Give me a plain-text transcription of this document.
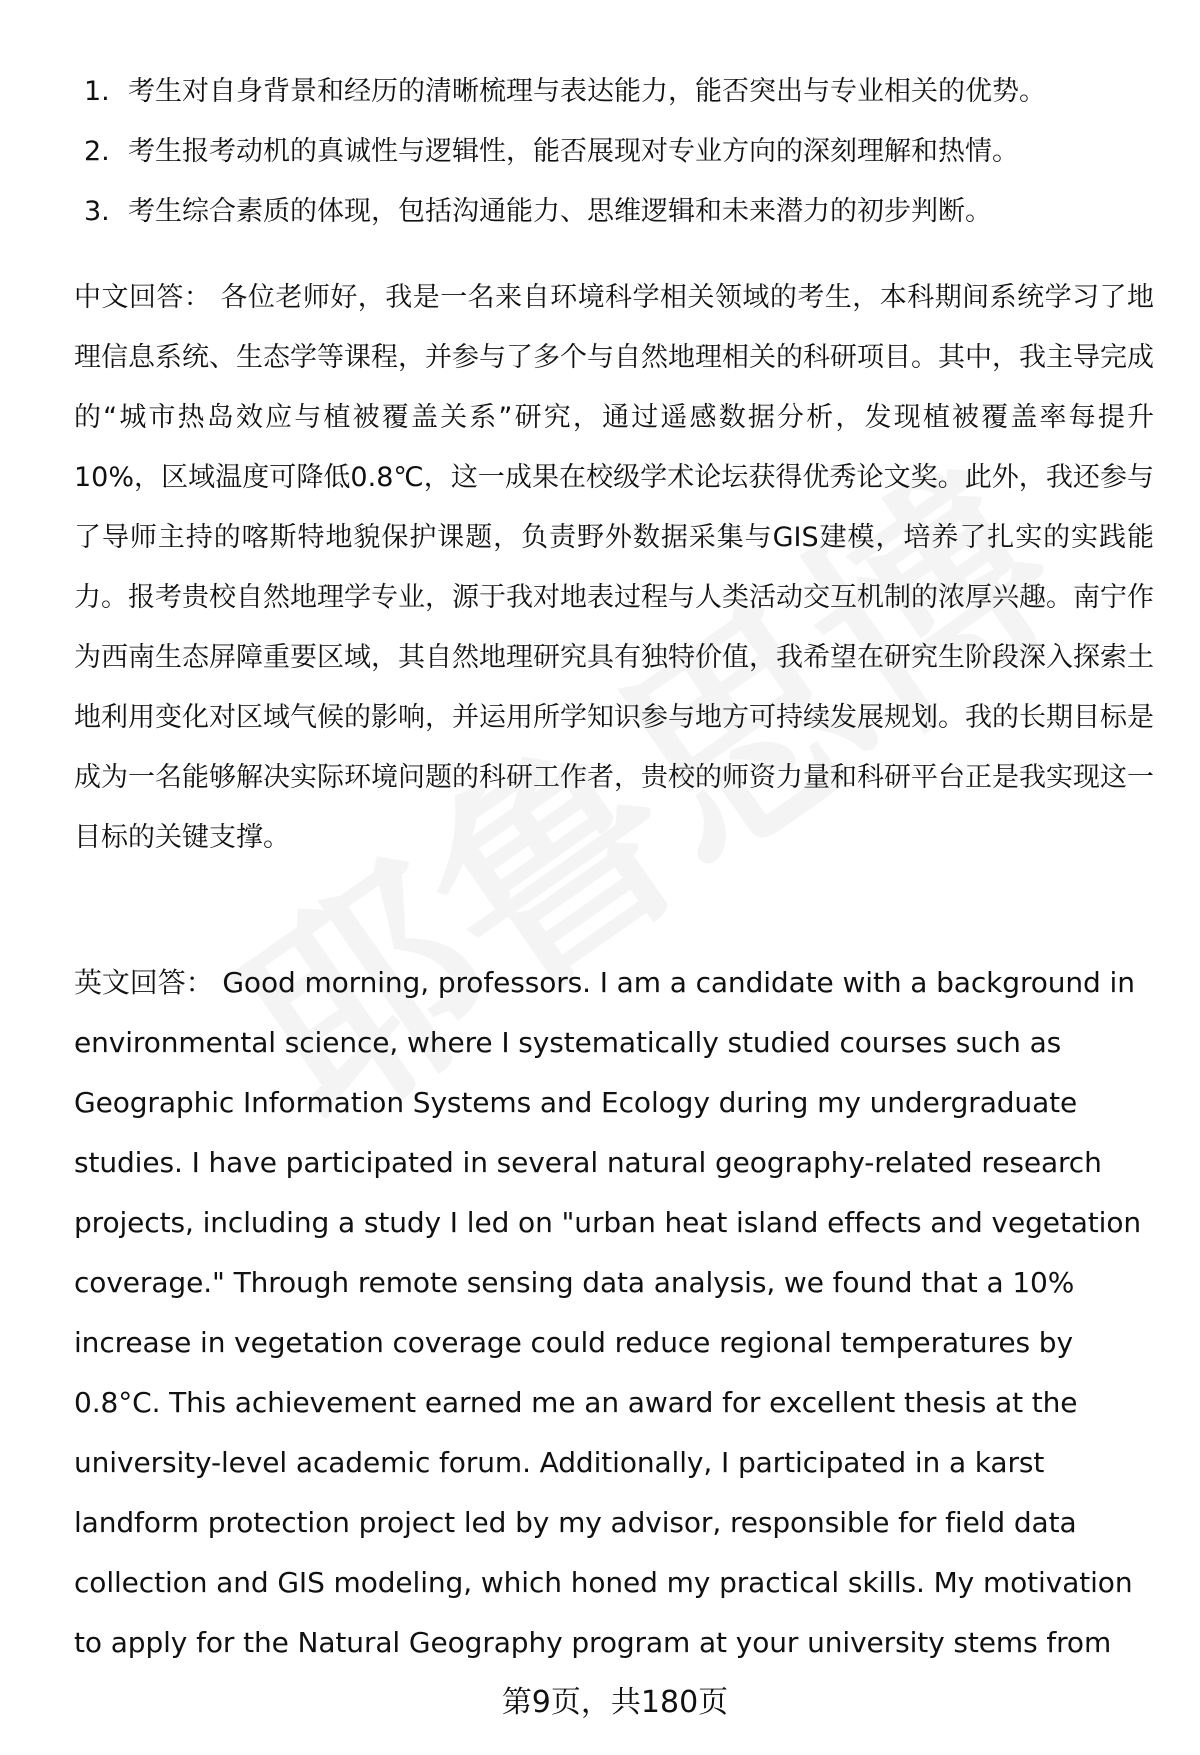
1. 考生对自身背景和经历的清晰梳理与表达能力，能否突出与专业相关的优势。
2. 考生报考动机的真诚性与逻辑性，能否展现对专业方向的深刻理解和热情。
3. 考生综合素质的体现，包括沟通能力、思维逻辑和未来潜力的初步判断。

中文回答： 各位老师好，我是一名来自环境科学相关领域的考生，本科期间系统学习了地理信息系统、生态学等课程，并参与了多个与自然地理相关的科研项目。其中，我主导完成的“城市热岛效应与植被覆盖关系”研究，通过遥感数据分析，发现植被覆盖率每提升10%，区域温度可降低0.8℃，这一成果在校级学术论坛获得优秀论文奖。此外，我还参与了导师主持的喀斯特地貌保护课题，负责野外数据采集与GIS建模，培养了扎实的实践能力。报考贵校自然地理学专业，源于我对地表过程与人类活动交互机制的浓厚兴趣。南宁作为西南生态屏障重要区域，其自然地理研究具有独特价值，我希望在研究生阶段深入探索土地利用变化对区域气候的影响，并运用所学知识参与地方可持续发展规划。我的长期目标是成为一名能够解决实际环境问题的科研工作者，贵校的师资力量和科研平台正是我实现这一目标的关键支撑。

英文回答： Good morning, professors. I am a candidate with a background in environmental science, where I systematically studied courses such as Geographic Information Systems and Ecology during my undergraduate studies. I have participated in several natural geography-related research projects, including a study I led on "urban heat island effects and vegetation coverage." Through remote sensing data analysis, we found that a 10% increase in vegetation coverage could reduce regional temperatures by 0.8°C. This achievement earned me an award for excellent thesis at the university-level academic forum. Additionally, I participated in a karst landform protection project led by my advisor, responsible for field data collection and GIS modeling, which honed my practical skills. My motivation to apply for the Natural Geography program at your university stems from

第9页，共180页
